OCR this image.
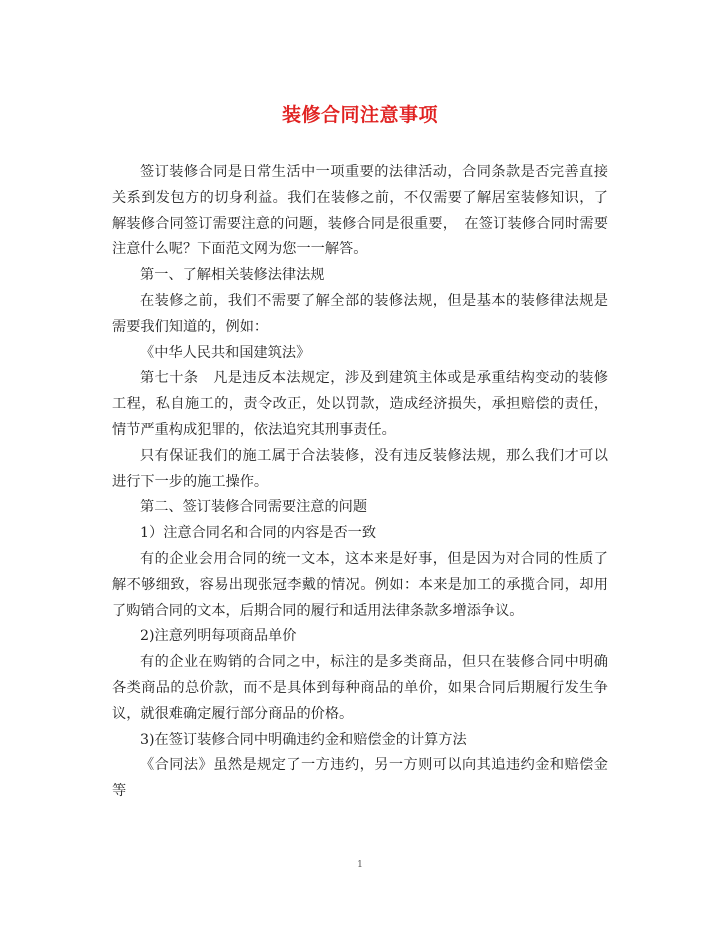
装修合同注意事项

签订装修合同是日常生活中一项重要的法律活动，合同条款是否完善直接关系到发包方的切身利益。我们在装修之前，不仅需要了解居室装修知识，了解装修合同签订需要注意的问题，装修合同是很重要，　在签订装修合同时需要注意什么呢？下面范文网为您一一解答。

第一、了解相关装修法律法规

在装修之前，我们不需要了解全部的装修法规，但是基本的装修律法规是需要我们知道的，例如：

《中华人民共和国建筑法》

第七十条　凡是违反本法规定，涉及到建筑主体或是承重结构变动的装修工程，私自施工的，责令改正，处以罚款，造成经济损失，承担赔偿的责任，情节严重构成犯罪的，依法追究其刑事责任。

只有保证我们的施工属于合法装修，没有违反装修法规，那么我们才可以进行下一步的施工操作。

第二、签订装修合同需要注意的问题

1）注意合同名和合同的内容是否一致

有的企业会用合同的统一文本，这本来是好事，但是因为对合同的性质了解不够细致，容易出现张冠李戴的情况。例如：本来是加工的承揽合同，却用了购销合同的文本，后期合同的履行和适用法律条款多增添争议。

2)注意列明每项商品单价

有的企业在购销的合同之中，标注的是多类商品，但只在装修合同中明确各类商品的总价款，而不是具体到每种商品的单价，如果合同后期履行发生争议，就很难确定履行部分商品的价格。

3)在签订装修合同中明确违约金和赔偿金的计算方法

《合同法》虽然是规定了一方违约，另一方则可以向其追违约金和赔偿金等

1
